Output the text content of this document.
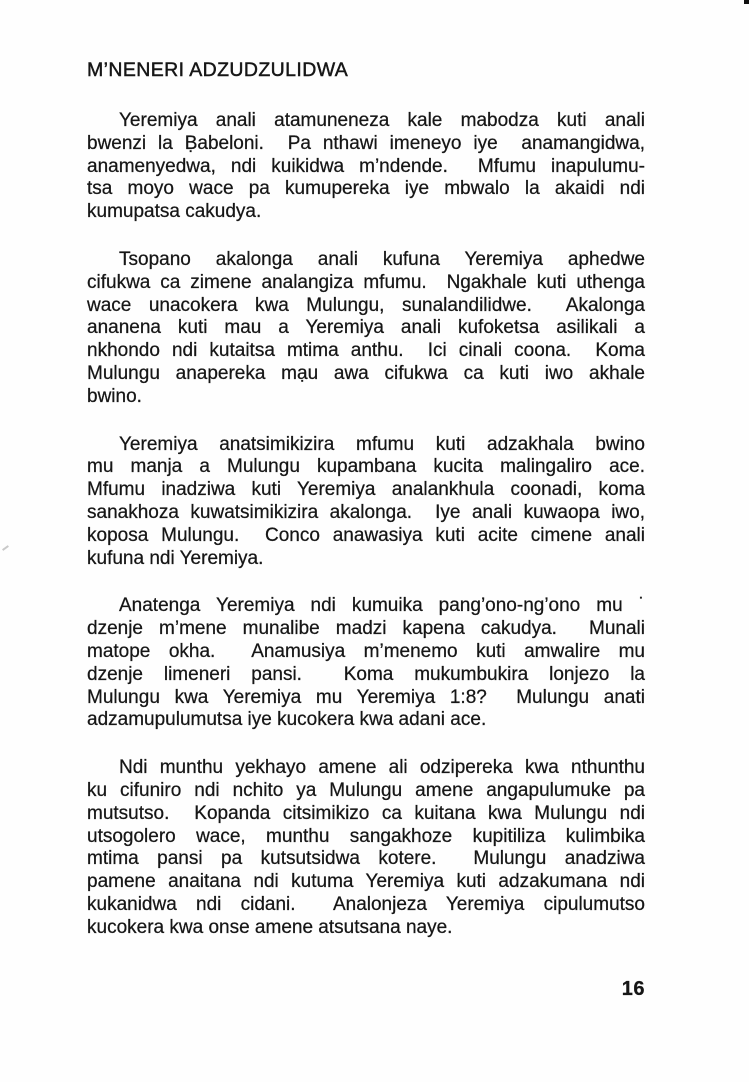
M’NENERI ADZUDZULIDWA

Yeremiya anali atamuneneza kale mabodza kuti anali
bwenzi la Ḅabeloni.  Pa nthawi imeneyo iye  anamangidwa,
anamenyedwa, ndi kuikidwa m’ndende.  Mfumu inapulumu-
tsa moyo wace pa kumupereka iye mbwalo la akaidi ndi
kumupatsa cakudya.

Tsopano akalonga anali kufuna Yeremiya aphedwe
cifukwa ca zimene analangiza mfumu.  Ngakhale kuti uthenga
wace unacokera kwa Mulungu, sunalandilidwe.  Akalonga
ananena kuti mau a Yeremiya anali kufoketsa asilikali a
nkhondo ndi kutaitsa mtima anthu.  Ici cinali coona.  Koma
Mulungu anapereka mạu awa cifukwa ca kuti iwo akhale
bwino.

Yeremiya anatsimikizira mfumu kuti adzakhala bwino
mu manja a Mulungu kupambana kucita malingaliro ace.
Mfumu inadziwa kuti Yeremiya analankhula coonadi, koma
sanakhoza kuwatsimikizira akalonga.  Iye anali kuwaopa iwo,
koposa Mulungu.  Conco anawasiya kuti acite cimene anali
kufuna ndi Yeremiya.

Anatenga Yeremiya ndi kumuika pang’ono-ng’ono mu ˙
dzenje m’mene munalibe madzi kapena cakudya.  Munali
matope okha.  Anamusiya m’menemo kuti amwalire mu
dzenje limeneri pansi.  Koma mukumbukira lonjezo la
Mulungu kwa Yeremiya mu Yeremiya 1:8?  Mulungu anati
adzamupulumutsa iye kucokera kwa adani ace.

Ndi munthu yekhayo amene ali odzipereka kwa nthunthu
ku cifuniro ndi nchito ya Mulungu amene angapulumuke pa
mutsutso.  Kopanda citsimikizo ca kuitana kwa Mulungu ndi
utsogolero wace, munthu sangakhoze kupitiliza kulimbika
mtima pansi pa kutsutsidwa kotere.  Mulungu anadziwa
pamene anaitana ndi kutuma Yeremiya kuti adzakumana ndi
kukanidwa ndi cidani.  Analonjeza Yeremiya cipulumutso
kucokera kwa onse amene atsutsana naye.

16
